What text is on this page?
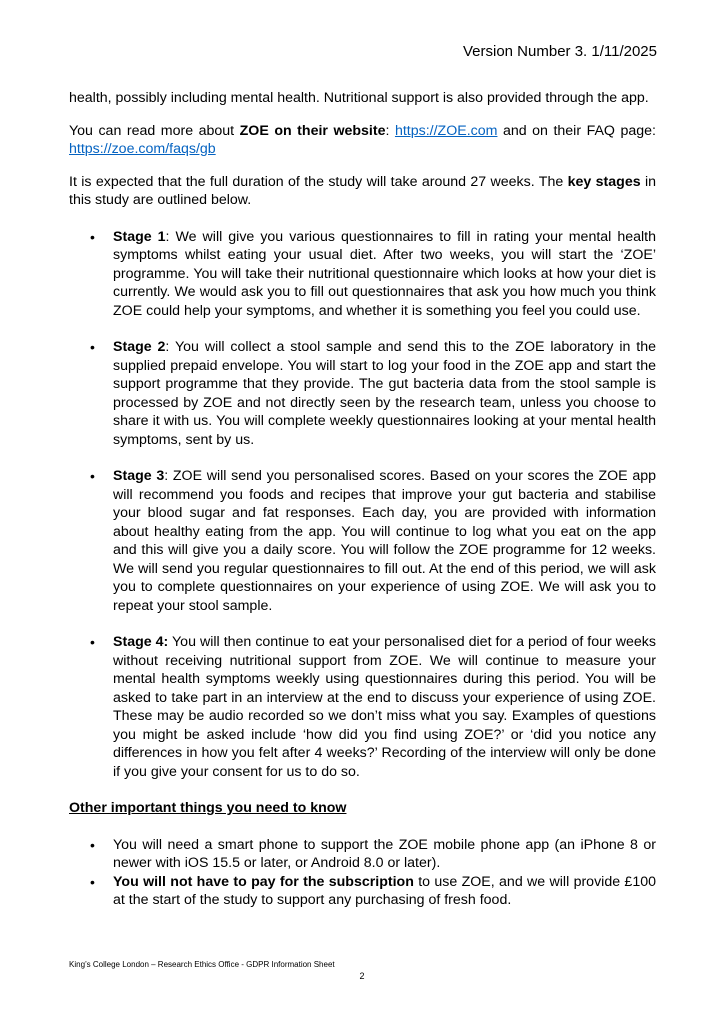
Version Number 3. 1/11/2025

health, possibly including mental health. Nutritional support is also provided through the app.

You can read more about ZOE on their website: https://ZOE.com and on their FAQ page: https://zoe.com/faqs/gb

It is expected that the full duration of the study will take around 27 weeks. The key stages in this study are outlined below.

• Stage 1: We will give you various questionnaires to fill in rating your mental health symptoms whilst eating your usual diet. After two weeks, you will start the ‘ZOE’ programme. You will take their nutritional questionnaire which looks at how your diet is currently. We would ask you to fill out questionnaires that ask you how much you think ZOE could help your symptoms, and whether it is something you feel you could use.
• Stage 2: You will collect a stool sample and send this to the ZOE laboratory in the supplied prepaid envelope. You will start to log your food in the ZOE app and start the support programme that they provide. The gut bacteria data from the stool sample is processed by ZOE and not directly seen by the research team, unless you choose to share it with us. You will complete weekly questionnaires looking at your mental health symptoms, sent by us.
• Stage 3: ZOE will send you personalised scores. Based on your scores the ZOE app will recommend you foods and recipes that improve your gut bacteria and stabilise your blood sugar and fat responses. Each day, you are provided with information about healthy eating from the app. You will continue to log what you eat on the app and this will give you a daily score. You will follow the ZOE programme for 12 weeks. We will send you regular questionnaires to fill out. At the end of this period, we will ask you to complete questionnaires on your experience of using ZOE. We will ask you to repeat your stool sample.
• Stage 4: You will then continue to eat your personalised diet for a period of four weeks without receiving nutritional support from ZOE. We will continue to measure your mental health symptoms weekly using questionnaires during this period. You will be asked to take part in an interview at the end to discuss your experience of using ZOE. These may be audio recorded so we don’t miss what you say. Examples of questions you might be asked include ‘how did you find using ZOE?’ or ‘did you notice any differences in how you felt after 4 weeks?’ Recording of the interview will only be done if you give your consent for us to do so.
Other important things you need to know
• You will need a smart phone to support the ZOE mobile phone app (an iPhone 8 or newer with iOS 15.5 or later, or Android 8.0 or later).
• You will not have to pay for the subscription to use ZOE, and we will provide £100 at the start of the study to support any purchasing of fresh food.
King’s College London – Research Ethics Office - GDPR Information Sheet
2
